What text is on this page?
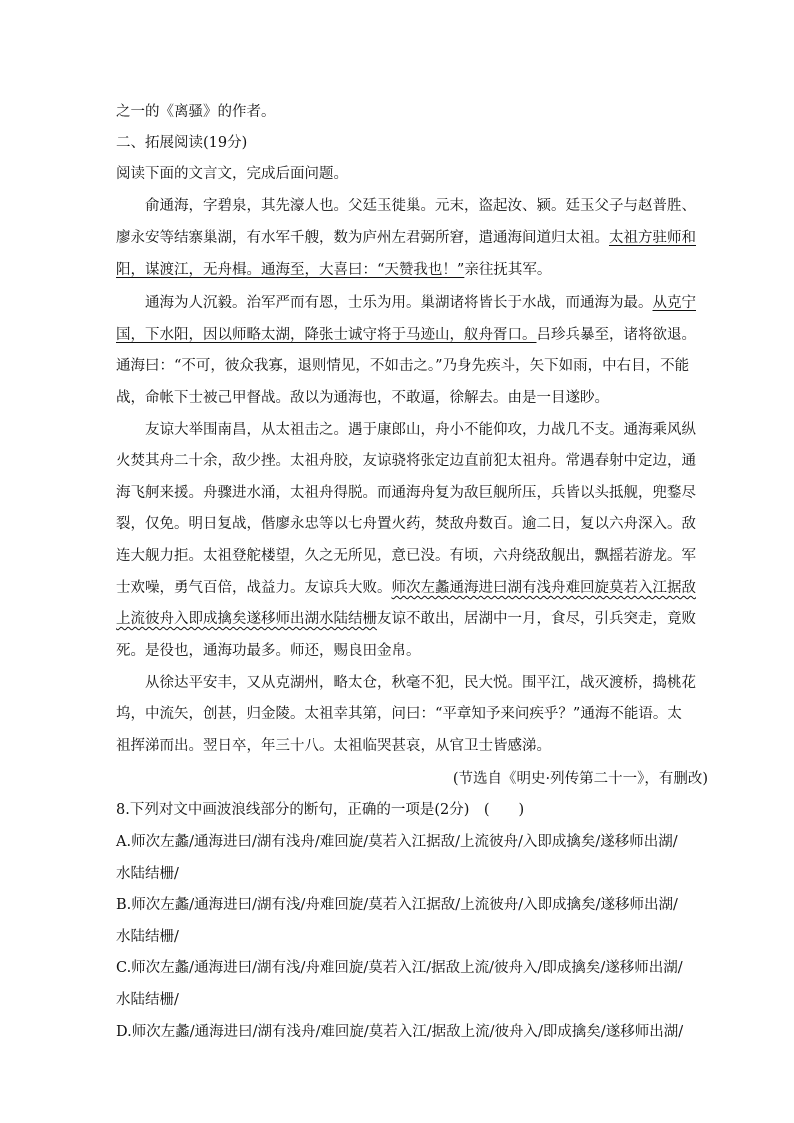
之一的《离骚》的作者。
二、拓展阅读(19分)
阅读下面的文言文，完成后面问题。
俞通海，字碧泉，其先濠人也。父廷玉徙巢。元末，盗起汝、颍。廷玉父子与赵普胜、
廖永安等结寨巢湖，有水军千艘，数为庐州左君弼所窘，遣通海间道归太祖。太祖方驻师和
阳，谋渡江，无舟楫。通海至，大喜曰：“天赞我也！”亲往抚其军。
通海为人沉毅。治军严而有恩，士乐为用。巢湖诸将皆长于水战，而通海为最。从克宁
国，下水阳，因以师略太湖，降张士诚守将于马迹山，舣舟胥口。吕珍兵暴至，诸将欲退。
通海曰：“不可，彼众我寡，退则情见，不如击之。”乃身先疾斗，矢下如雨，中右目，不能
战，命帐下士被己甲督战。敌以为通海也，不敢逼，徐解去。由是一目遂眇。
友谅大举围南昌，从太祖击之。遇于康郎山，舟小不能仰攻，力战几不支。通海乘风纵
火焚其舟二十余，敌少挫。太祖舟胶，友谅骁将张定边直前犯太祖舟。常遇春射中定边，通
海飞舸来援。舟骤进水涌，太祖舟得脱。而通海舟复为敌巨舰所压，兵皆以头抵舰，兜鍪尽
裂，仅免。明日复战，偕廖永忠等以七舟置火药，焚敌舟数百。逾二日，复以六舟深入。敌
连大舰力拒。太祖登舵楼望，久之无所见，意已没。有顷，六舟绕敌舰出，飘摇若游龙。军
士欢噪，勇气百倍，战益力。友谅兵大败。师次左蠡通海进曰湖有浅舟难回旋莫若入江据敌
上流彼舟入即成擒矣遂移师出湖水陆结栅友谅不敢出，居湖中一月，食尽，引兵突走，竟败
死。是役也，通海功最多。师还，赐良田金帛。
从徐达平安丰，又从克湖州，略太仓，秋毫不犯，民大悦。围平江，战灭渡桥，捣桃花
坞，中流矢，创甚，归金陵。太祖幸其第，问曰：“平章知予来问疾乎？”通海不能语。太
祖挥涕而出。翌日卒，年三十八。太祖临哭甚哀，从官卫士皆感涕。
(节选自《明史·列传第二十一》，有删改)
8.下列对文中画波浪线部分的断句，正确的一项是(2分)　(　　)
A.师次左蠡/通海进曰/湖有浅舟/难回旋/莫若入江据敌/上流彼舟/入即成擒矣/遂移师出湖/
水陆结栅/
B.师次左蠡/通海进曰/湖有浅/舟难回旋/莫若入江据敌/上流彼舟/入即成擒矣/遂移师出湖/
水陆结栅/
C.师次左蠡/通海进曰/湖有浅/舟难回旋/莫若入江/据敌上流/彼舟入/即成擒矣/遂移师出湖/
水陆结栅/
D.师次左蠡/通海进曰/湖有浅舟/难回旋/莫若入江/据敌上流/彼舟入/即成擒矣/遂移师出湖/
